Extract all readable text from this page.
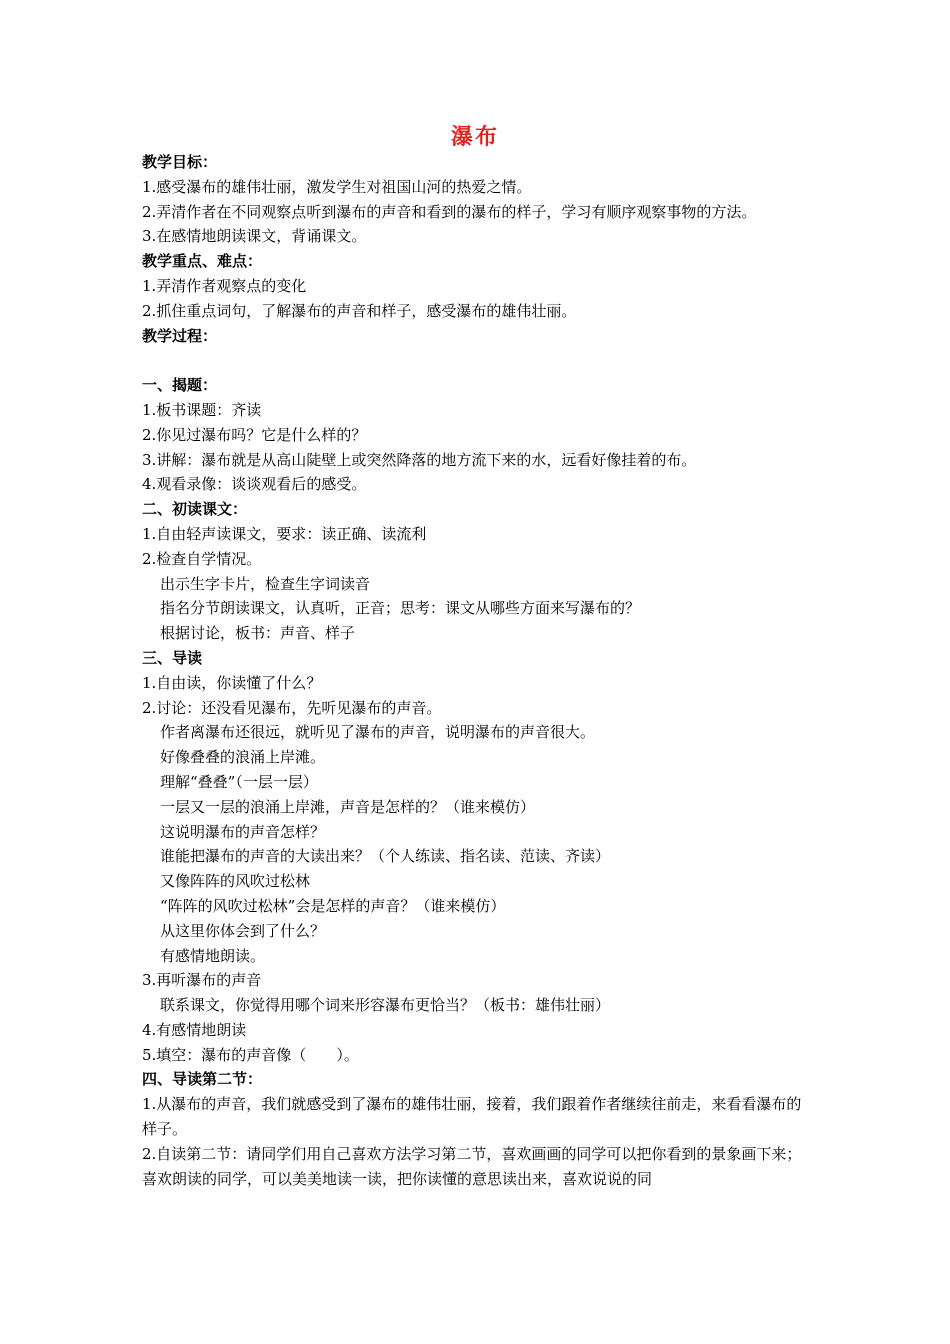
瀑布
教学目标：
1.感受瀑布的雄伟壮丽，激发学生对祖国山河的热爱之情。
2.弄清作者在不同观察点听到瀑布的声音和看到的瀑布的样子，学习有顺序观察事物的方法。
3.在感情地朗读课文，背诵课文。
教学重点、难点：
1.弄清作者观察点的变化
2.抓住重点词句，了解瀑布的声音和样子，感受瀑布的雄伟壮丽。
教学过程：
一、揭题：
1.板书课题：齐读
2.你见过瀑布吗？它是什么样的？
3.讲解：瀑布就是从高山陡壁上或突然降落的地方流下来的水，远看好像挂着的布。
4.观看录像：谈谈观看后的感受。
二、初读课文：
1.自由轻声读课文，要求：读正确、读流利
2.检查自学情况。
出示生字卡片，检查生字词读音
指名分节朗读课文，认真听，正音；思考：课文从哪些方面来写瀑布的？
根据讨论，板书：声音、样子
三、导读
1.自由读，你读懂了什么？
2.讨论：还没看见瀑布，先听见瀑布的声音。
作者离瀑布还很远，就听见了瀑布的声音，说明瀑布的声音很大。
好像叠叠的浪涌上岸滩。
理解“叠叠”（一层一层）
一层又一层的浪涌上岸滩，声音是怎样的？（谁来模仿）
这说明瀑布的声音怎样？
谁能把瀑布的声音的大读出来？（个人练读、指名读、范读、齐读）
又像阵阵的风吹过松林
“阵阵的风吹过松林”会是怎样的声音？（谁来模仿）
从这里你体会到了什么？
有感情地朗读。
3.再听瀑布的声音
联系课文，你觉得用哪个词来形容瀑布更恰当？（板书：雄伟壮丽）
4.有感情地朗读
5.填空：瀑布的声音像（　　）。
四、导读第二节：
1.从瀑布的声音，我们就感受到了瀑布的雄伟壮丽，接着，我们跟着作者继续往前走，来看看瀑布的样子。
2.自读第二节：请同学们用自己喜欢方法学习第二节，喜欢画画的同学可以把你看到的景象画下来；喜欢朗读的同学，可以美美地读一读，把你读懂的意思读出来，喜欢说说的同
